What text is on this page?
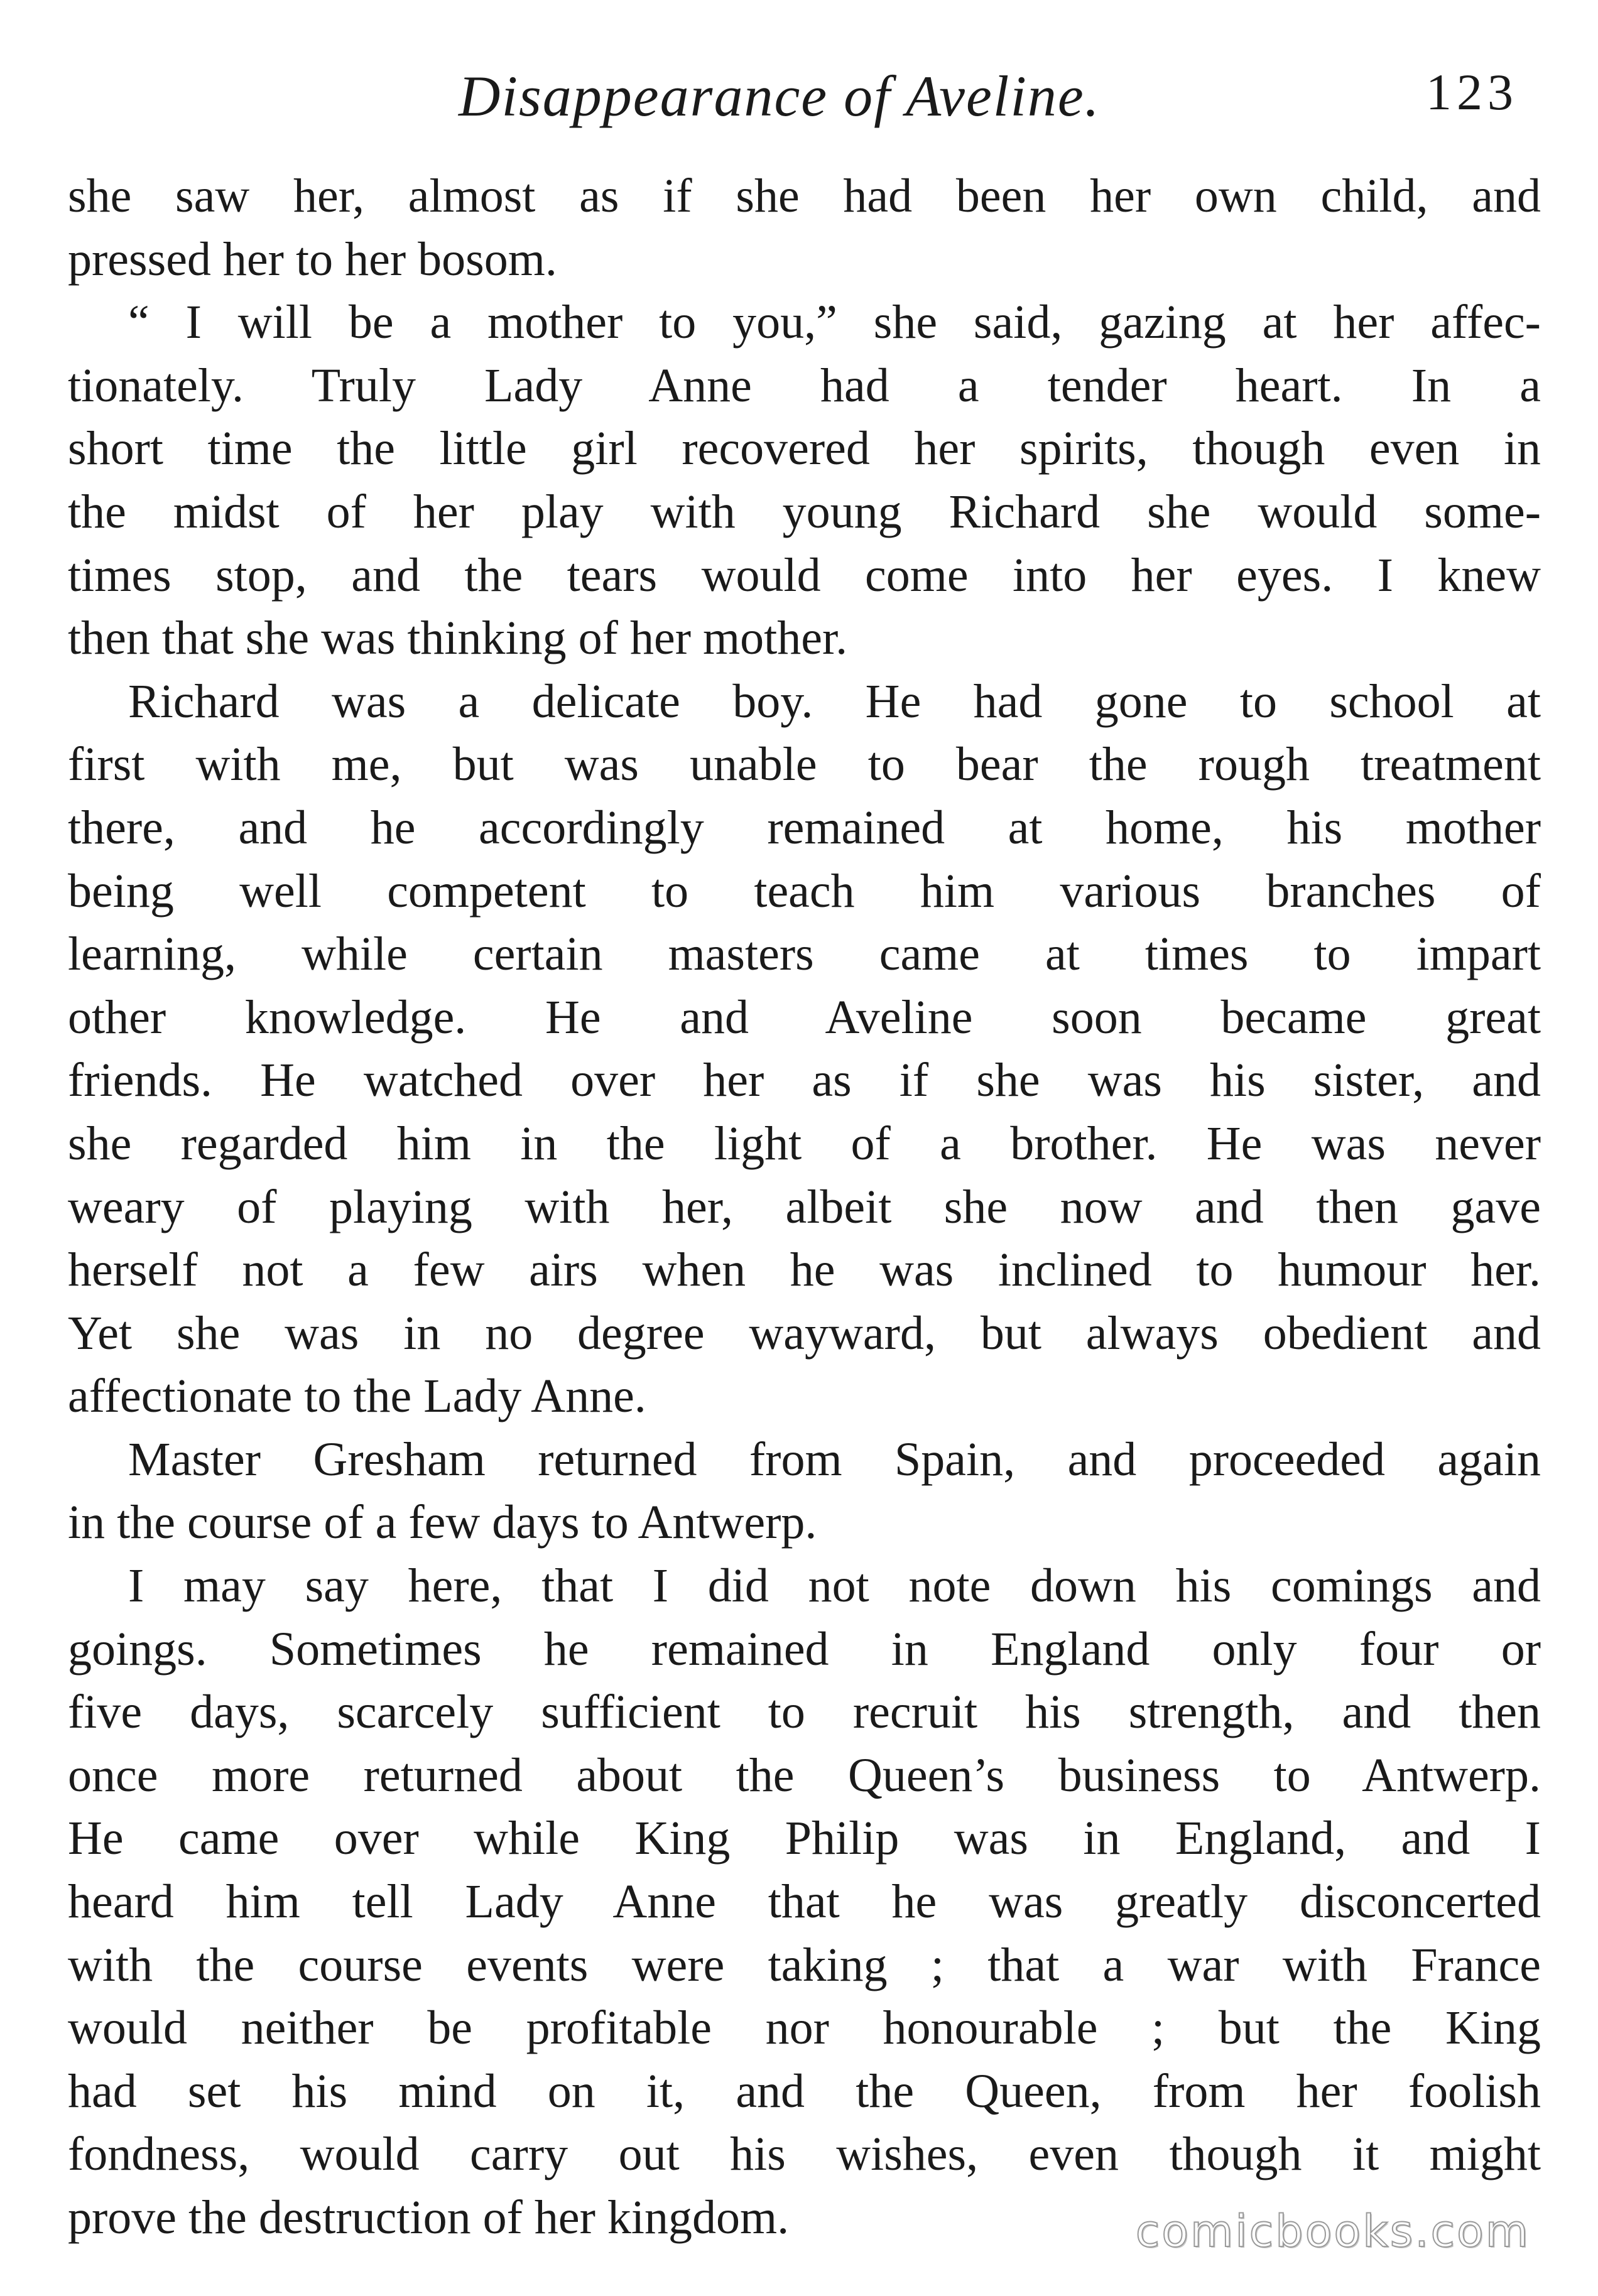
Disappearance of Aveline.	123
she saw her, almost as if she had been her own child, and
pressed her to her bosom.
“ I will be a mother to you,” she said, gazing at her affec-
tionately. Truly Lady Anne had a tender heart. In a
short time the little girl recovered her spirits, though even in
the midst of her play with young Richard she would some-
times stop, and the tears would come into her eyes. I knew
then that she was thinking of her mother.
Richard was a delicate boy. He had gone to school at
first with me, but was unable to bear the rough treatment
there, and he accordingly remained at home, his mother
being well competent to teach him various branches of
learning, while certain masters came at times to impart
other knowledge. He and Aveline soon became great
friends. He watched over her as if she was his sister, and
she regarded him in the light of a brother. He was never
weary of playing with her, albeit she now and then gave
herself not a few airs when he was inclined to humour her.
Yet she was in no degree wayward, but always obedient and
affectionate to the Lady Anne.
Master Gresham returned from Spain, and proceeded again
in the course of a few days to Antwerp.
I may say here, that I did not note down his comings and
goings. Sometimes he remained in England only four or
five days, scarcely sufficient to recruit his strength, and then
once more returned about the Queen’s business to Antwerp.
He came over while King Philip was in England, and I
heard him tell Lady Anne that he was greatly disconcerted
with the course events were taking ; that a war with France
would neither be profitable nor honourable ; but the King
had set his mind on it, and the Queen, from her foolish
fondness, would carry out his wishes, even though it might
prove the destruction of her kingdom.	comicbooks.com
